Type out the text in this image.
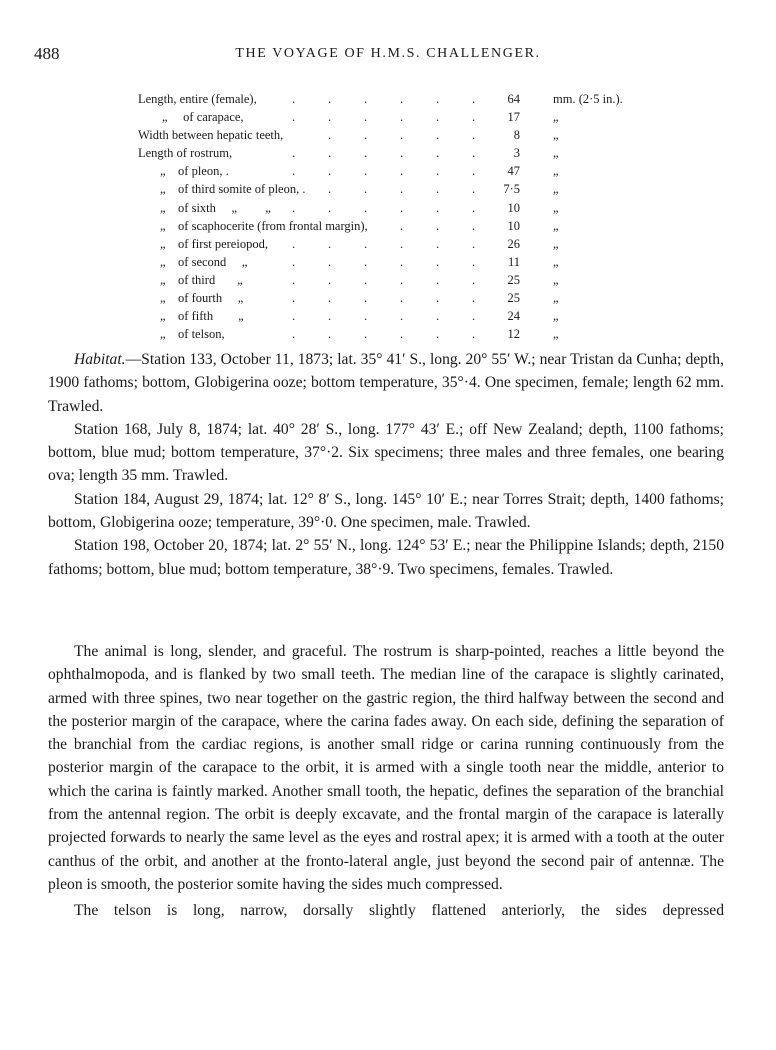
488	THE VOYAGE OF H.M.S. CHALLENGER.
Length, entire (female),	64	mm. (2·5 in.).
.	.	.	.	.	.
„     of carapace,	17	„
.	.	.	.	.	.
Width between hepatic teeth,	8	„
.	.	.	.	.
Length of rostrum,	3	„
.	.	.	.	.	.
„    of pleon, .	47	„
.	.	.	.	.	.
„    of third somite of pleon, .	7·5	„
.	.	.	.	.
„    of sixth     „         „	10	„
.	.	.	.	.	.
„    of scaphocerite (from frontal margin),	10	„
.	.	.
„    of first pereiopod,	26	„
.	.	.	.	.	.
„    of second     „	11	„
.	.	.	.	.	.
„    of third       „	25	„
.	.	.	.	.	.
„    of fourth     „	25	„
.	.	.	.	.	.
„    of fifth        „	24	„
.	.	.	.	.	.
„    of telson,	12	„
.	.	.	.	.	.

Habitat.—Station 133, October 11, 1873; lat. 35° 41′ S., long. 20° 55′ W.; near Tristan da Cunha; depth, 1900 fathoms; bottom, Globigerina ooze; bottom temperature, 35°·4. One specimen, female; length 62 mm. Trawled.

Station 168, July 8, 1874; lat. 40° 28′ S., long. 177° 43′ E.; off New Zealand; depth, 1100 fathoms; bottom, blue mud; bottom temperature, 37°·2. Six specimens; three males and three females, one bearing ova; length 35 mm. Trawled.

Station 184, August 29, 1874; lat. 12° 8′ S., long. 145° 10′ E.; near Torres Strait; depth, 1400 fathoms; bottom, Globigerina ooze; temperature, 39°·0. One specimen, male. Trawled.

Station 198, October 20, 1874; lat. 2° 55′ N., long. 124° 53′ E.; near the Philippine Islands; depth, 2150 fathoms; bottom, blue mud; bottom temperature, 38°·9. Two specimens, females. Trawled.

The animal is long, slender, and graceful. The rostrum is sharp-pointed, reaches a little beyond the ophthalmopoda, and is flanked by two small teeth. The median line of the carapace is slightly carinated, armed with three spines, two near together on the gastric region, the third halfway between the second and the posterior margin of the carapace, where the carina fades away. On each side, defining the separation of the branchial from the cardiac regions, is another small ridge or carina running continuously from the posterior margin of the carapace to the orbit, it is armed with a single tooth near the middle, anterior to which the carina is faintly marked. Another small tooth, the hepatic, defines the separation of the branchial from the antennal region. The orbit is deeply excavate, and the frontal margin of the carapace is laterally projected forwards to nearly the same level as the eyes and rostral apex; it is armed with a tooth at the outer canthus of the orbit, and another at the fronto-lateral angle, just beyond the second pair of antennæ. The pleon is smooth, the posterior somite having the sides much compressed.

The telson is long, narrow, dorsally slightly flattened anteriorly, the sides depressed
